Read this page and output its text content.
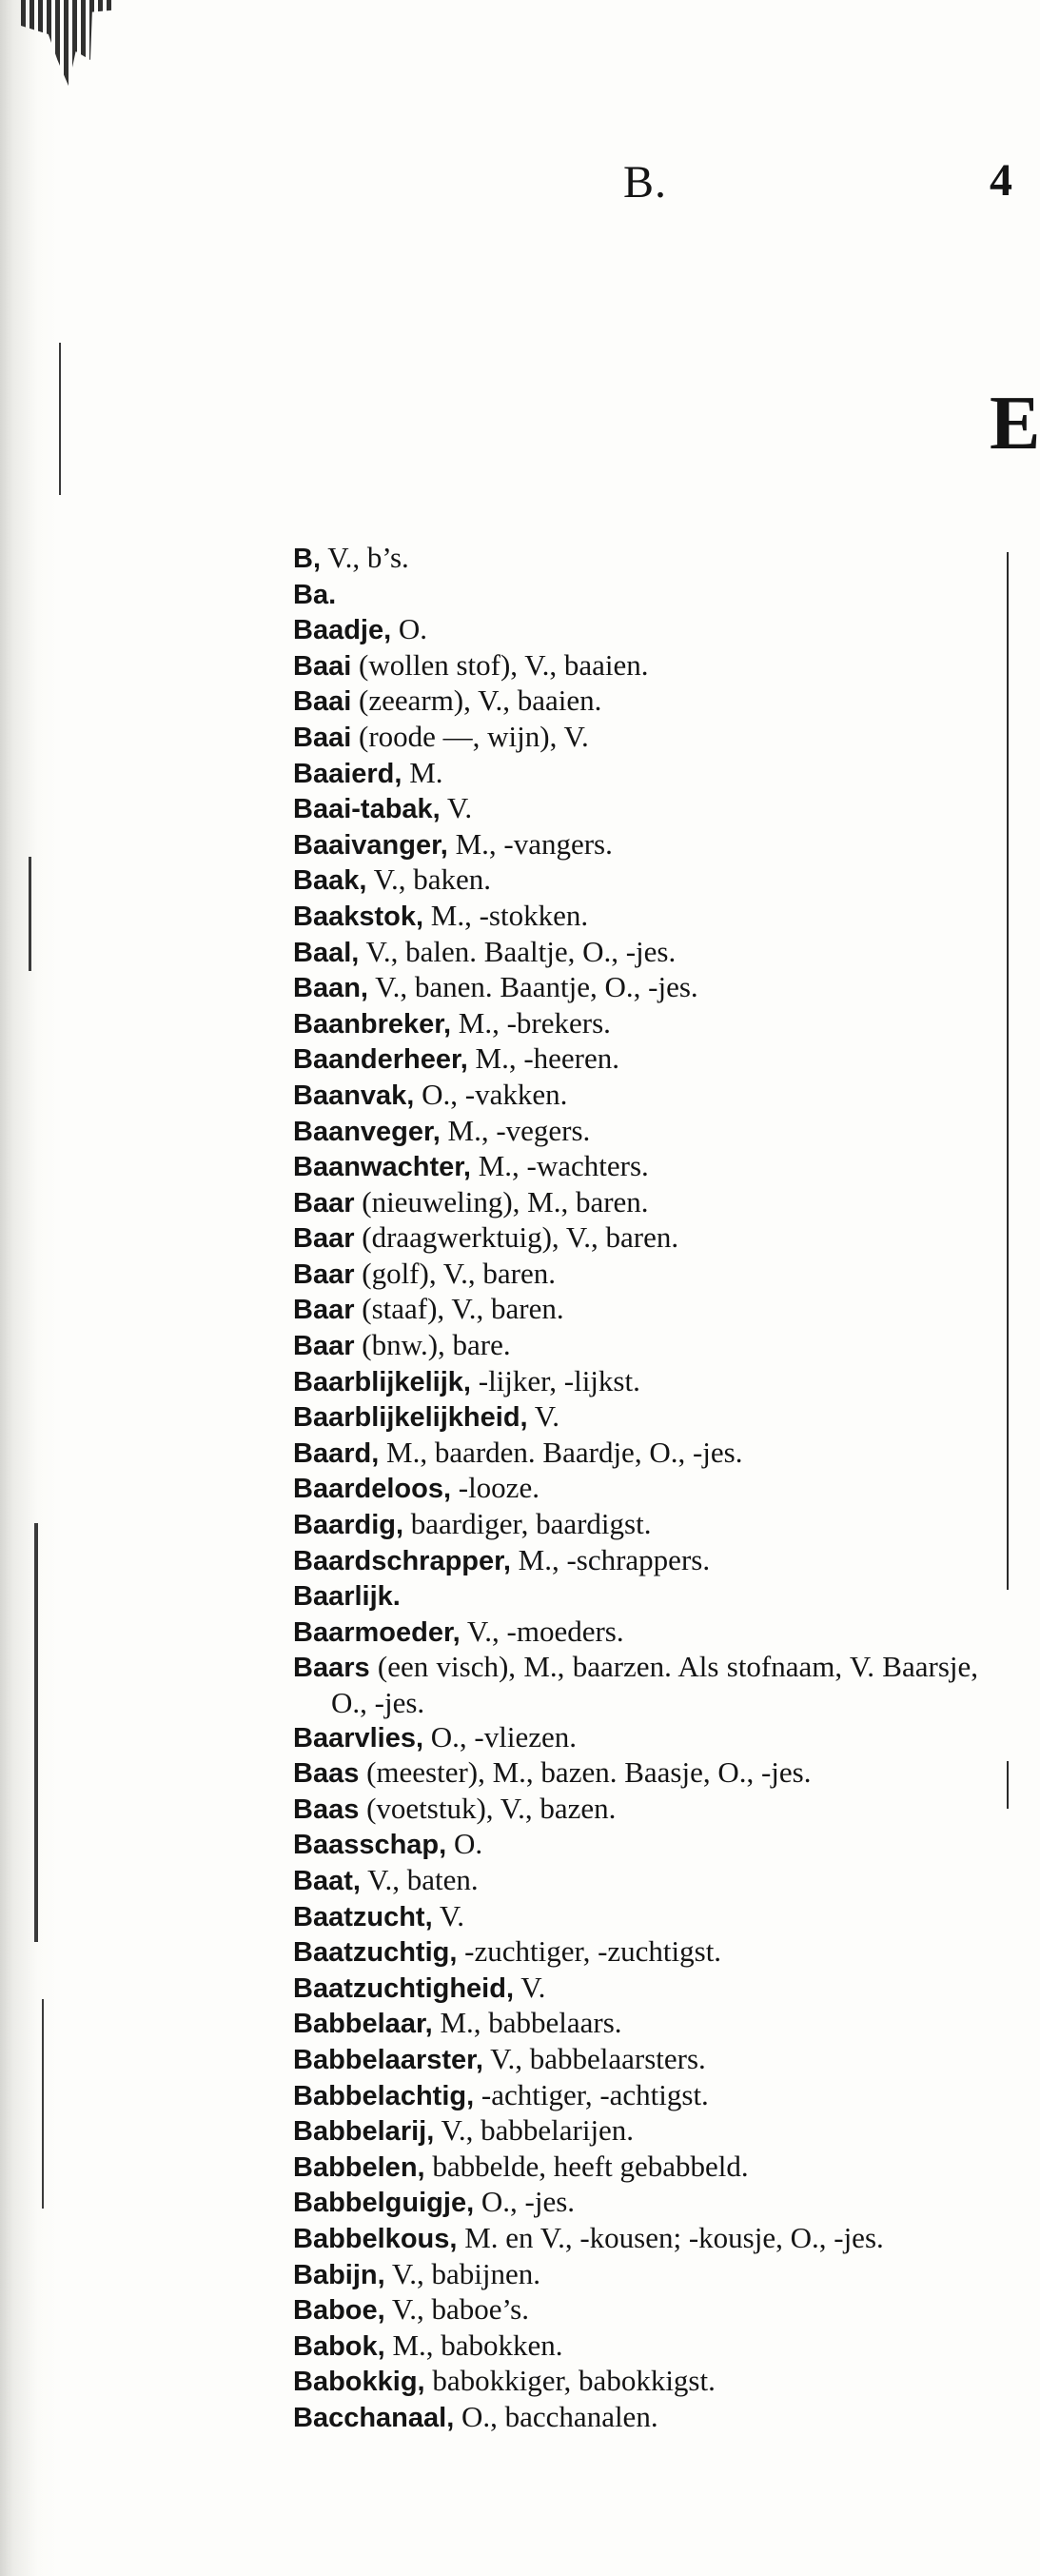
B.	4
E
B, V., b’s.
Ba.
Baadje, O.
Baai (wollen stof), V., baaien.
Baai (zeearm), V., baaien.
Baai (roode —, wijn), V.
Baaierd, M.
Baai-tabak, V.
Baaivanger, M., -vangers.
Baak, V., baken.
Baakstok, M., -stokken.
Baal, V., balen. Baaltje, O., -jes.
Baan, V., banen. Baantje, O., -jes.
Baanbreker, M., -brekers.
Baanderheer, M., -heeren.
Baanvak, O., -vakken.
Baanveger, M., -vegers.
Baanwachter, M., -wachters.
Baar (nieuweling), M., baren.
Baar (draagwerktuig), V., baren.
Baar (golf), V., baren.
Baar (staaf), V., baren.
Baar (bnw.), bare.
Baarblijkelijk, -lijker, -lijkst.
Baarblijkelijkheid, V.
Baard, M., baarden. Baardje, O., -jes.
Baardeloos, -looze.
Baardig, baardiger, baardigst.
Baardschrapper, M., -schrappers.
Baarlijk.
Baarmoeder, V., -moeders.
Baars (een visch), M., baarzen. Als stofnaam, V. Baarsje, O., -jes.
Baarvlies, O., -vliezen.
Baas (meester), M., bazen. Baasje, O., -jes.
Baas (voetstuk), V., bazen.
Baasschap, O.
Baat, V., baten.
Baatzucht, V.
Baatzuchtig, -zuchtiger, -zuchtigst.
Baatzuchtigheid, V.
Babbelaar, M., babbelaars.
Babbelaarster, V., babbelaarsters.
Babbelachtig, -achtiger, -achtigst.
Babbelarij, V., babbelarijen.
Babbelen, babbelde, heeft gebabbeld.
Babbelguigje, O., -jes.
Babbelkous, M. en V., -kousen; -kousje, O., -jes.
Babijn, V., babijnen.
Baboe, V., baboe’s.
Babok, M., babokken.
Babokkig, babokkiger, babokkigst.
Bacchanaal, O., bacchanalen.
